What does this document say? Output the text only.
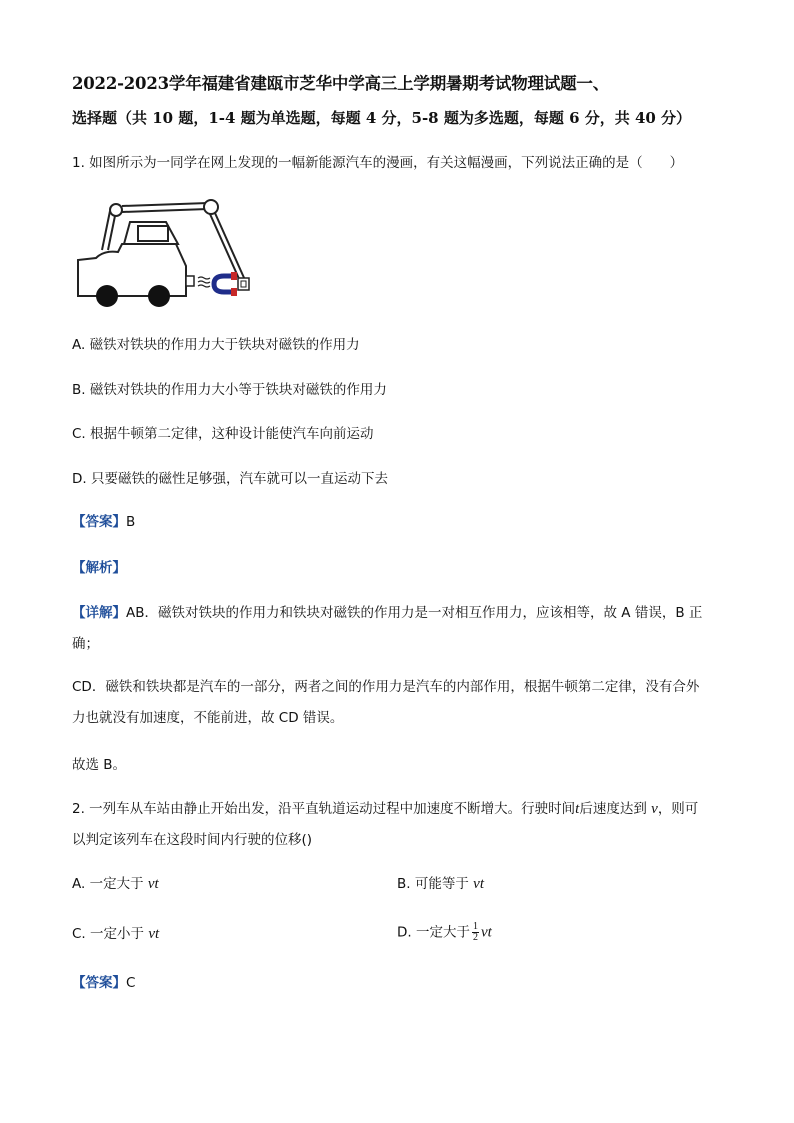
2022-2023学年福建省建瓯市芝华中学高三上学期暑期考试物理试题一、
选择题（共 10 题，1-4 题为单选题，每题 4 分，5-8 题为多选题，每题 6 分，共 40 分）
1. 如图所示为一同学在网上发现的一幅新能源汽车的漫画，有关这幅漫画，下列说法正确的是（　　）
A. 磁铁对铁块的作用力大于铁块对磁铁的作用力
B. 磁铁对铁块的作用力大小等于铁块对磁铁的作用力
C. 根据牛顿第二定律，这种设计能使汽车向前运动
D. 只要磁铁的磁性足够强，汽车就可以一直运动下去
【答案】B
【解析】
【详解】AB．磁铁对铁块的作用力和铁块对磁铁的作用力是一对相互作用力，应该相等，故 A 错误，B 正
确；
CD．磁铁和铁块都是汽车的一部分，两者之间的作用力是汽车的内部作用，根据牛顿第二定律，没有合外
力也就没有加速度，不能前进，故 CD 错误。
故选 B。
2. 一列车从车站由静止开始出发，沿平直轨道运动过程中加速度不断增大。行驶时间t后速度达到 v，则可
以判定该列车在这段时间内行驶的位移()
A. 一定大于 vt	B. 可能等于 vt
C. 一定小于 vt	D. 一定大于 $\frac{1}{2}$ vt
【答案】C
